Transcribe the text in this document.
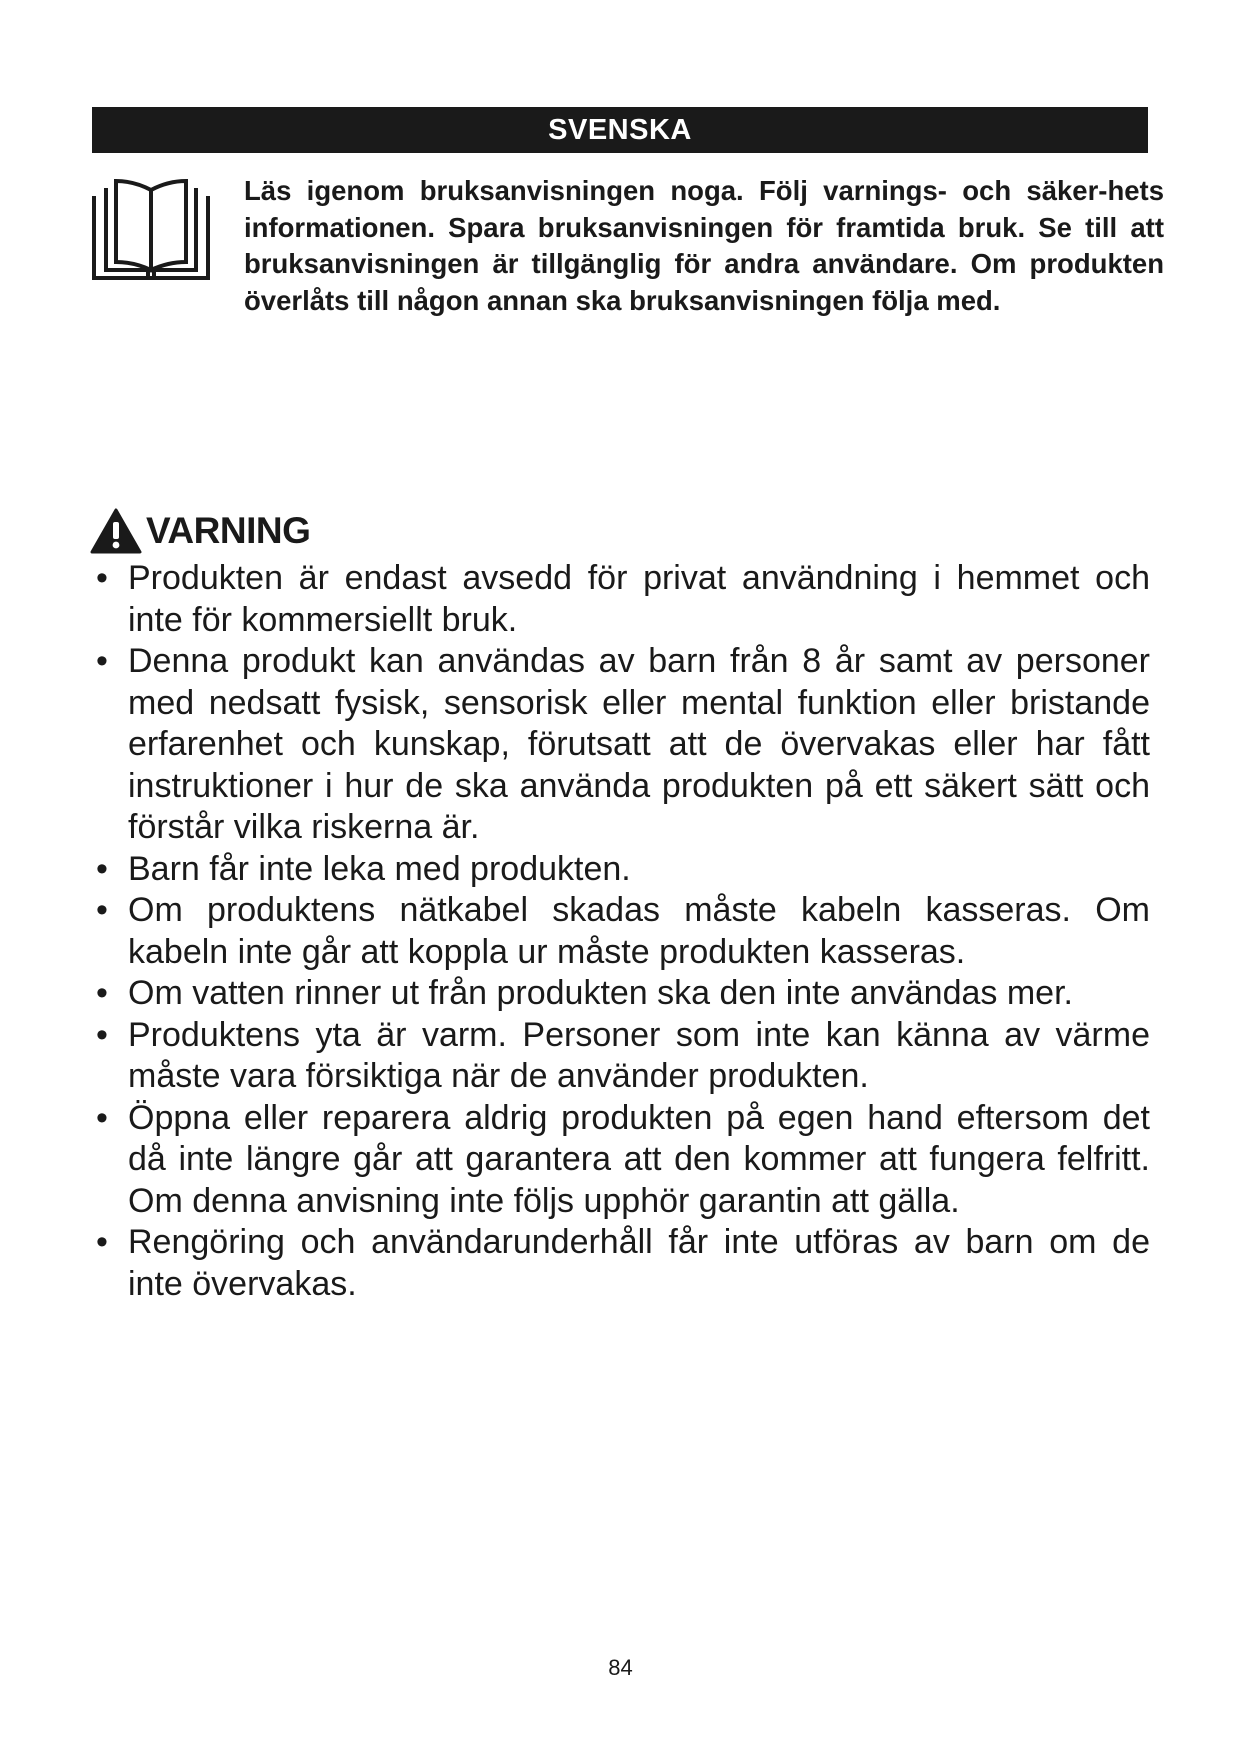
SVENSKA

Läs igenom bruksanvisningen noga. Följ varnings- och säker-hets informationen. Spara bruksanvisningen för framtida bruk. Se till att bruksanvisningen är tillgänglig för andra användare. Om produkten överlåts till någon annan ska bruksanvisningen följa med.

VARNING
• Produkten är endast avsedd för privat användning i hemmet och inte för kommersiellt bruk.
• Denna produkt kan användas av barn från 8 år samt av personer med nedsatt fysisk, sensorisk eller mental funktion eller bristande erfarenhet och kunskap, förutsatt att de övervakas eller har fått instruktioner i hur de ska använda produkten på ett säkert sätt och förstår vilka riskerna är.
• Barn får inte leka med produkten.
• Om produktens nätkabel skadas måste kabeln kasseras. Om kabeln inte går att koppla ur måste produkten kasseras.
• Om vatten rinner ut från produkten ska den inte användas mer.
• Produktens yta är varm. Personer som inte kan känna av värme måste vara försiktiga när de använder produkten.
• Öppna eller reparera aldrig produkten på egen hand eftersom det då inte längre går att garantera att den kommer att fungera felfritt. Om denna anvisning inte följs upphör garantin att gälla.
• Rengöring och användarunderhåll får inte utföras av barn om de inte övervakas.
84
